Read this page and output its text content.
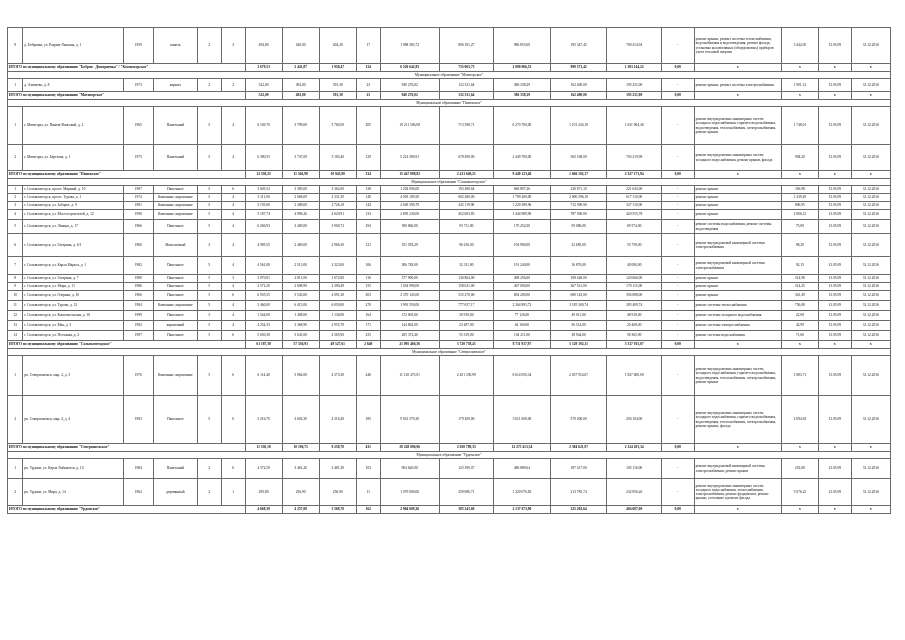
9	д. Бобровка, ул. Разрыв-Линская, д. 1	1959	панель	2	3	494,80	420,00	404,20	17	1 968 383,72	896 181,27	986 855,00	185 347,45	700 414,94	-	ремонт крыши, ремонт системы теплоснабжения, водоснабжения и водоотведения, ремонт фасада, установка коллективных (общедомовых) приборов учета тепловой энергии	3 442,05	13.05.09	31.12.2016
ИТОГО по муниципальному образованию "Бобров - Дмитриевка" / "Косоногорское"						2 679,53	2 441,87	1 950,47	124	6 526 642,83	735 063,73	2 080 066,51	990 371,42	1 283 144,22	0,00	х	х	х	х
Муниципальное образование "Матигорское"																			
1	д. Ахвачево, д. 8	1973	кирпич	2	2	522,00	492,00	391,30	23	940 276,02	132 331,64	386 338,29	162 400,00	195 231,00	-	ремонт крыши, ремонт системы электроснабжения	1 901,12	13.05.09	31.12.2016
ИТОГО по муниципальному образованию "Матигорское"						522,00	492,00	391,30	23	940 276,02	132 331,64	386 338,29	162 400,00	195 231,00	0,00	х	х	х	х
Муниципальное образование "Пинежское"																			
1	г. Матигоры, ул. Пинеж-Вонгский, д. 2	1965	Панельный	5	4	6 169,70	5 799,69	5 760,50	205	10 211 506,08	713 398,71	6 270 700,00	1 101 434,10	1 631 964,40	-	ремонт внутридомовых инженерных систем холодного водоснабжения, горячего водоснабжения, водоотведения, теплоснабжения, электроснабжения, ремонт крыши	1 748,01	13.05.09	31.12.2016
2	г. Матигоры, ул. Березова, д. 1	1975	Панельный	5	4	6 380,55	5 747,09	5 183,40	129	5 214 589,91	678 490,00	2 449 700,00	565 168,00	703 219,98	-	ремонт внутридомовых инженерных систем холодного водоснабжения, ремонт крыши, фасада	904,20	13.05.09	31.12.2016
ИТОГО по муниципальному образованию "Пинежское"						12 550,25	11 546,98	10 943,90	334	15 447 098,92	2 413 649,21	9 449 123,40	1 666 102,17	2 327 173,94	0,00	х	х	х	х
Муниципальное образование "Сольвычегодское"																			
1	г. Сольвычегодск, просп. Мирный, д. 10	1997	Панельное	5	6	3 605,52	3 385,00	3 362,00	138	1 202 094,00	193 280,64	666 897,26	220 871,10	221 045,00	-	ремонт крыши	356,98	13.05.09	31.12.2016
2	г. Сольвычегодск, просп. Турова, д. 1	1974	Каменные, кирпичные	5	4	3 111,00	2 666,09	2 331,50	140	4 003 109,50	602 280,00	1 799 200,00	2 000 296,10	617 110,00	-	ремонт крыши	1 239,29	13.05.09	31.12.2016
3	г. Сольвычегодск, ул. Заборье, д. 9	1981	Каменные, кирпичные	5	4	3 195,00	2 288,00	2 726,18	144	2 649 390,79	432 119,90	1 220 389,96	712 390,90	327 110,00	-	ремонт крыши	806,95	13.05.09	31.12.2016
4	г. Сольвычегодск, ул. Мостостроителей, д. 12	1990	Каменные, кирпичные	5	4	5 187,74	4 896,26	4 020,91	133	2 895 230,00	452 603,83	1 444 989,90	787 300,00	420 555,78	-	ремонт крыши	2 006,12	13.05.09	31.12.2016
5	г. Сольвычегодск, ул. Ленина, д. 17	1966	Панельное	5	4	6 266,93	3 400,00	3 900,72	294	390 866,00	93 711,00	170 252,00	59 086,00	69 574,00	-	ремонт системы водоснабжения, ремонт системы водоотведения	75,09	13.05.09	31.12.2016
6	г. Сольвычегодск, ул. Гагарина, д. 6/1	1960	Монолитный	3	4	4 985,55	2 469,00	2 966,30	121	351 593,29	96 250,00	194 900,00	32 685,00	53 758,00	-	ремонт внутридомовой инженерной системы электроснабжения	98,20	13.05.09	31.12.2016
7	г. Сольвычегодск, ул. Карла Маркса, д. 1	1982	Панельное	5	4	4 561,00	2 513,00	2 323,00	106	306 748,00	52 311,00	191 240,00	16 876,00	40 000,00	-	ремонт внутридомовой инженерной системы электроснабжения	92,15	13.05.09	31.12.2016
8	г. Сольвычегодск, ул. Гагарина, д. 7	1980	Панельное	5	3	3 070,81	2 811,00	1 672,00	116	377 900,00	136 864,00	408 256,00	108 428,00	120 666,00	-	ремонт крыши	314,98	13.05.09	31.12.2016
9	г. Сольвычегодск, ул. Мира, д. 11	1986	Панельное	5	4	2 572,20	2 608,99	2 390,49	155	1 054 990,00	158 021,00	467 000,00	367 521,00	170 115,00	-	ремонт крыши	314,25	13.05.09	31.12.2016
10	г. Сольвычегодск, ул. Озерная, д. 10	1966	Панельное	5	6	6 935,55	5 543,00	4 091,30	303	2 370 145,00	535 270,00	804 200,00	680 145,00	394 088,00	-	ремонт крыши	361,49	13.05.09	31.12.2016
11	г. Сольвычегодск, ул. Турова, д. 12	1984	Каменные, кирпичные	5	4	5 460,00	6 413,00	6 050,00	270	1 991 550,00	777 657,17	2 364 893,72	3 185 300,74	285 409,74	-	ремонт системы теплоснабжения	756,08	13.05.09	31.12.2016
12	г. Сольвычегодск, ул. Комсомольская, д. 10	1999	Панельное	3	4	1 544,00	1 408,00	1 136,00	164	172 003,00	30 910,00	77 126,00	49 011,00	48 910,00	-	ремонт системы холодного водоснабжения	22,69	13.05.09	31.12.2016
13	г. Сольвычегодск, ул. Мая, д. 3	1992	кирпичный	5	4	4 254,35	3 368,90	2 955,70	171	144 862,00	23 487,00	64 160,00	36 514,00	20 408,00	-	ремонт системы электроснабжения	42,99	13.05.09	31.12.2016
14	г. Сольвычегодск, ул. Песчаная, д. 2	1997	Панельное	5	6	5 650,38	5 641,00	4 565,90	255	205 372,40	55 319,00	104 211,00	38 944,00	58 365,00	-	ремонт системы водоснабжения	71,60	13.05.09	31.12.2016
ИТОГО по муниципальному образованию "Сольвычегодское"						61 187,38	57 336,93	49 527,61	2 640	21 095 466,36	3 720 738,41	8 711 937,97	5 129 192,11	3 317 915,07	0,00	х	х	х	х
Муниципальное образование "Североонежское"																			
1	рп. Североонежск, мкр. 2, д. 3	1976	Каменные, кирпичные	5	6	6 114,40	5 064,00	4 373,30	246	11 130 475,01	2 451 330,99	6 614 050,34	2 037 914,67	1 827 600,00	-	ремонт внутридомовых инженерных систем холодного водоснабжения, горячего водоснабжения, водоотведения, теплоснабжения, электроснабжения, ремонт крыши	1 883,71	13.05.09	31.12.2016
2	рп. Североонежск, мкр. 2, д. 4	1993	Панельное	5	6	5 216,70	4 602,30	4 316,40	185	9 041 570,30	179 209,00	5 611 000,00	570 200,00	256 104,00	-	ремонт внутридомовых инженерных систем холодного водоснабжения, горячего водоснабжения, водоотведения, теплоснабжения, электроснабжения, ремонт крыши, фасада	2 094,63	13.05.09	31.12.2016
ИТОГО по муниципальному образованию "Североонежское"						11 330,10	10 196,75	9 258,70	431	20 228 006,96	2 630 789,35	12 275 413,34	2 384 621,97	2 124 201,34	0,00	х	х	х	х
Муниципальное образование "Урдомское"																			
1	рп. Урдома, ул. Карла Либкнехта, д. 10	1984	Панельный	2	6	4 372,50	3 461,20	3 481,30	103	904 620,00	125 399,07	486 889,64	187 417,00	105 116,00	-	ремонт внутридомовой инженерной системы электроснабжения, ремонт крыши	253,00	13.05.09	31.12.2016
2	рп. Урдома, ул. Мира, д. 14	1962	деревянный	2	1	295,80	256,90	256,90	11	1 070 000,00	259 080,71	1 320 076,83	213 785,74	232 856,26	-	ремонт внутридомовых инженерных систем холодного водоснабжения, теплоснабжения, электроснабжения, ремонт фундамента, ремонт крыши, утепление и ремонт фасада	5 076,22	13.05.09	31.12.2016
ИТОГО по муниципальному образованию "Урдомское"						4 668,30	4 257,00	3 568,70	162	2 964 609,26	385 243,60	2 137 673,90	325 202,64	404 687,00	0,00	х	х	х	х
